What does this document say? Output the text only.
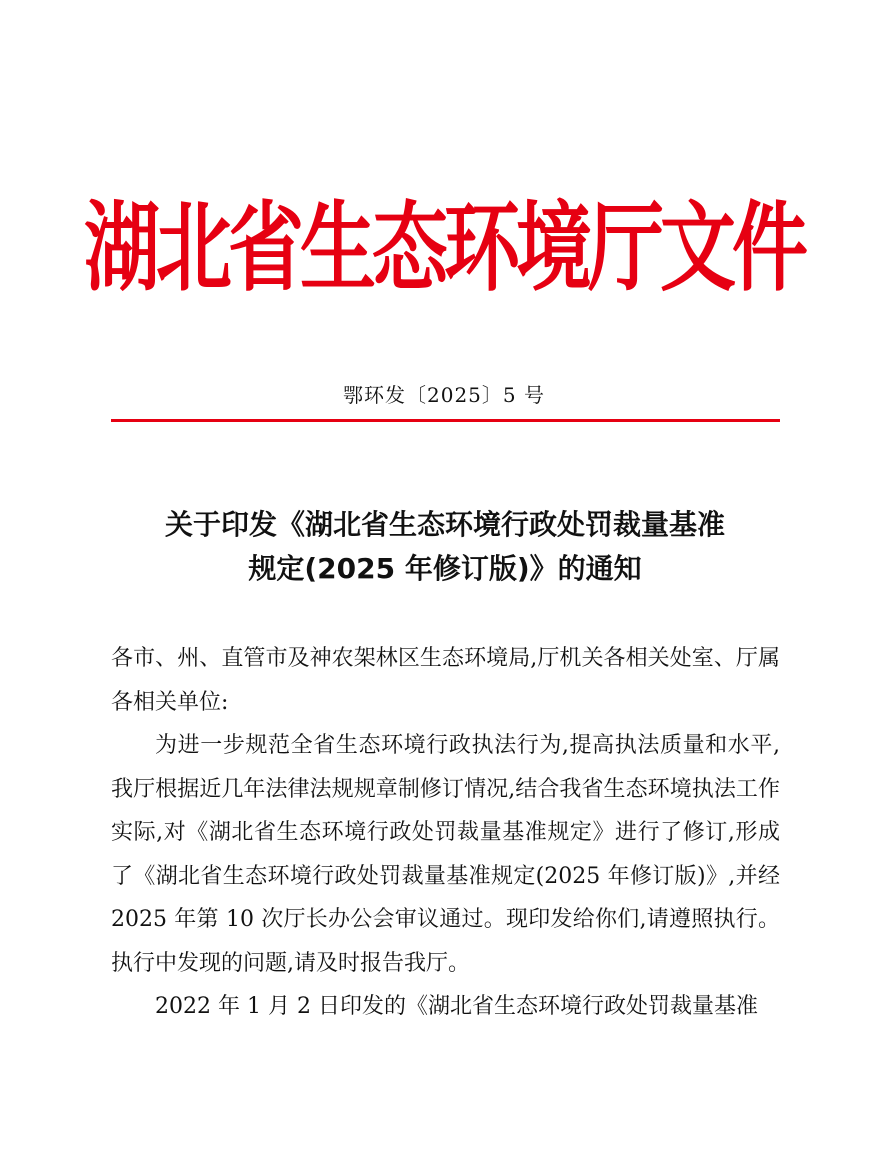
湖北省生态环境厅文件
鄂环发〔2025〕5 号
关于印发《湖北省生态环境行政处罚裁量基准
规定(2025 年修订版)》的通知

各市、州、直管市及神农架林区生态环境局,厅机关各相关处室、厅属各相关单位:

为进一步规范全省生态环境行政执法行为,提高执法质量和水平,我厅根据近几年法律法规规章制修订情况,结合我省生态环境执法工作实际,对《湖北省生态环境行政处罚裁量基准规定》进行了修订,形成了《湖北省生态环境行政处罚裁量基准规定(2025 年修订版)》,并经 2025 年第 10 次厅长办公会审议通过。现印发给你们,请遵照执行。执行中发现的问题,请及时报告我厅。

2022 年 1 月 2 日印发的《湖北省生态环境行政处罚裁量基准
